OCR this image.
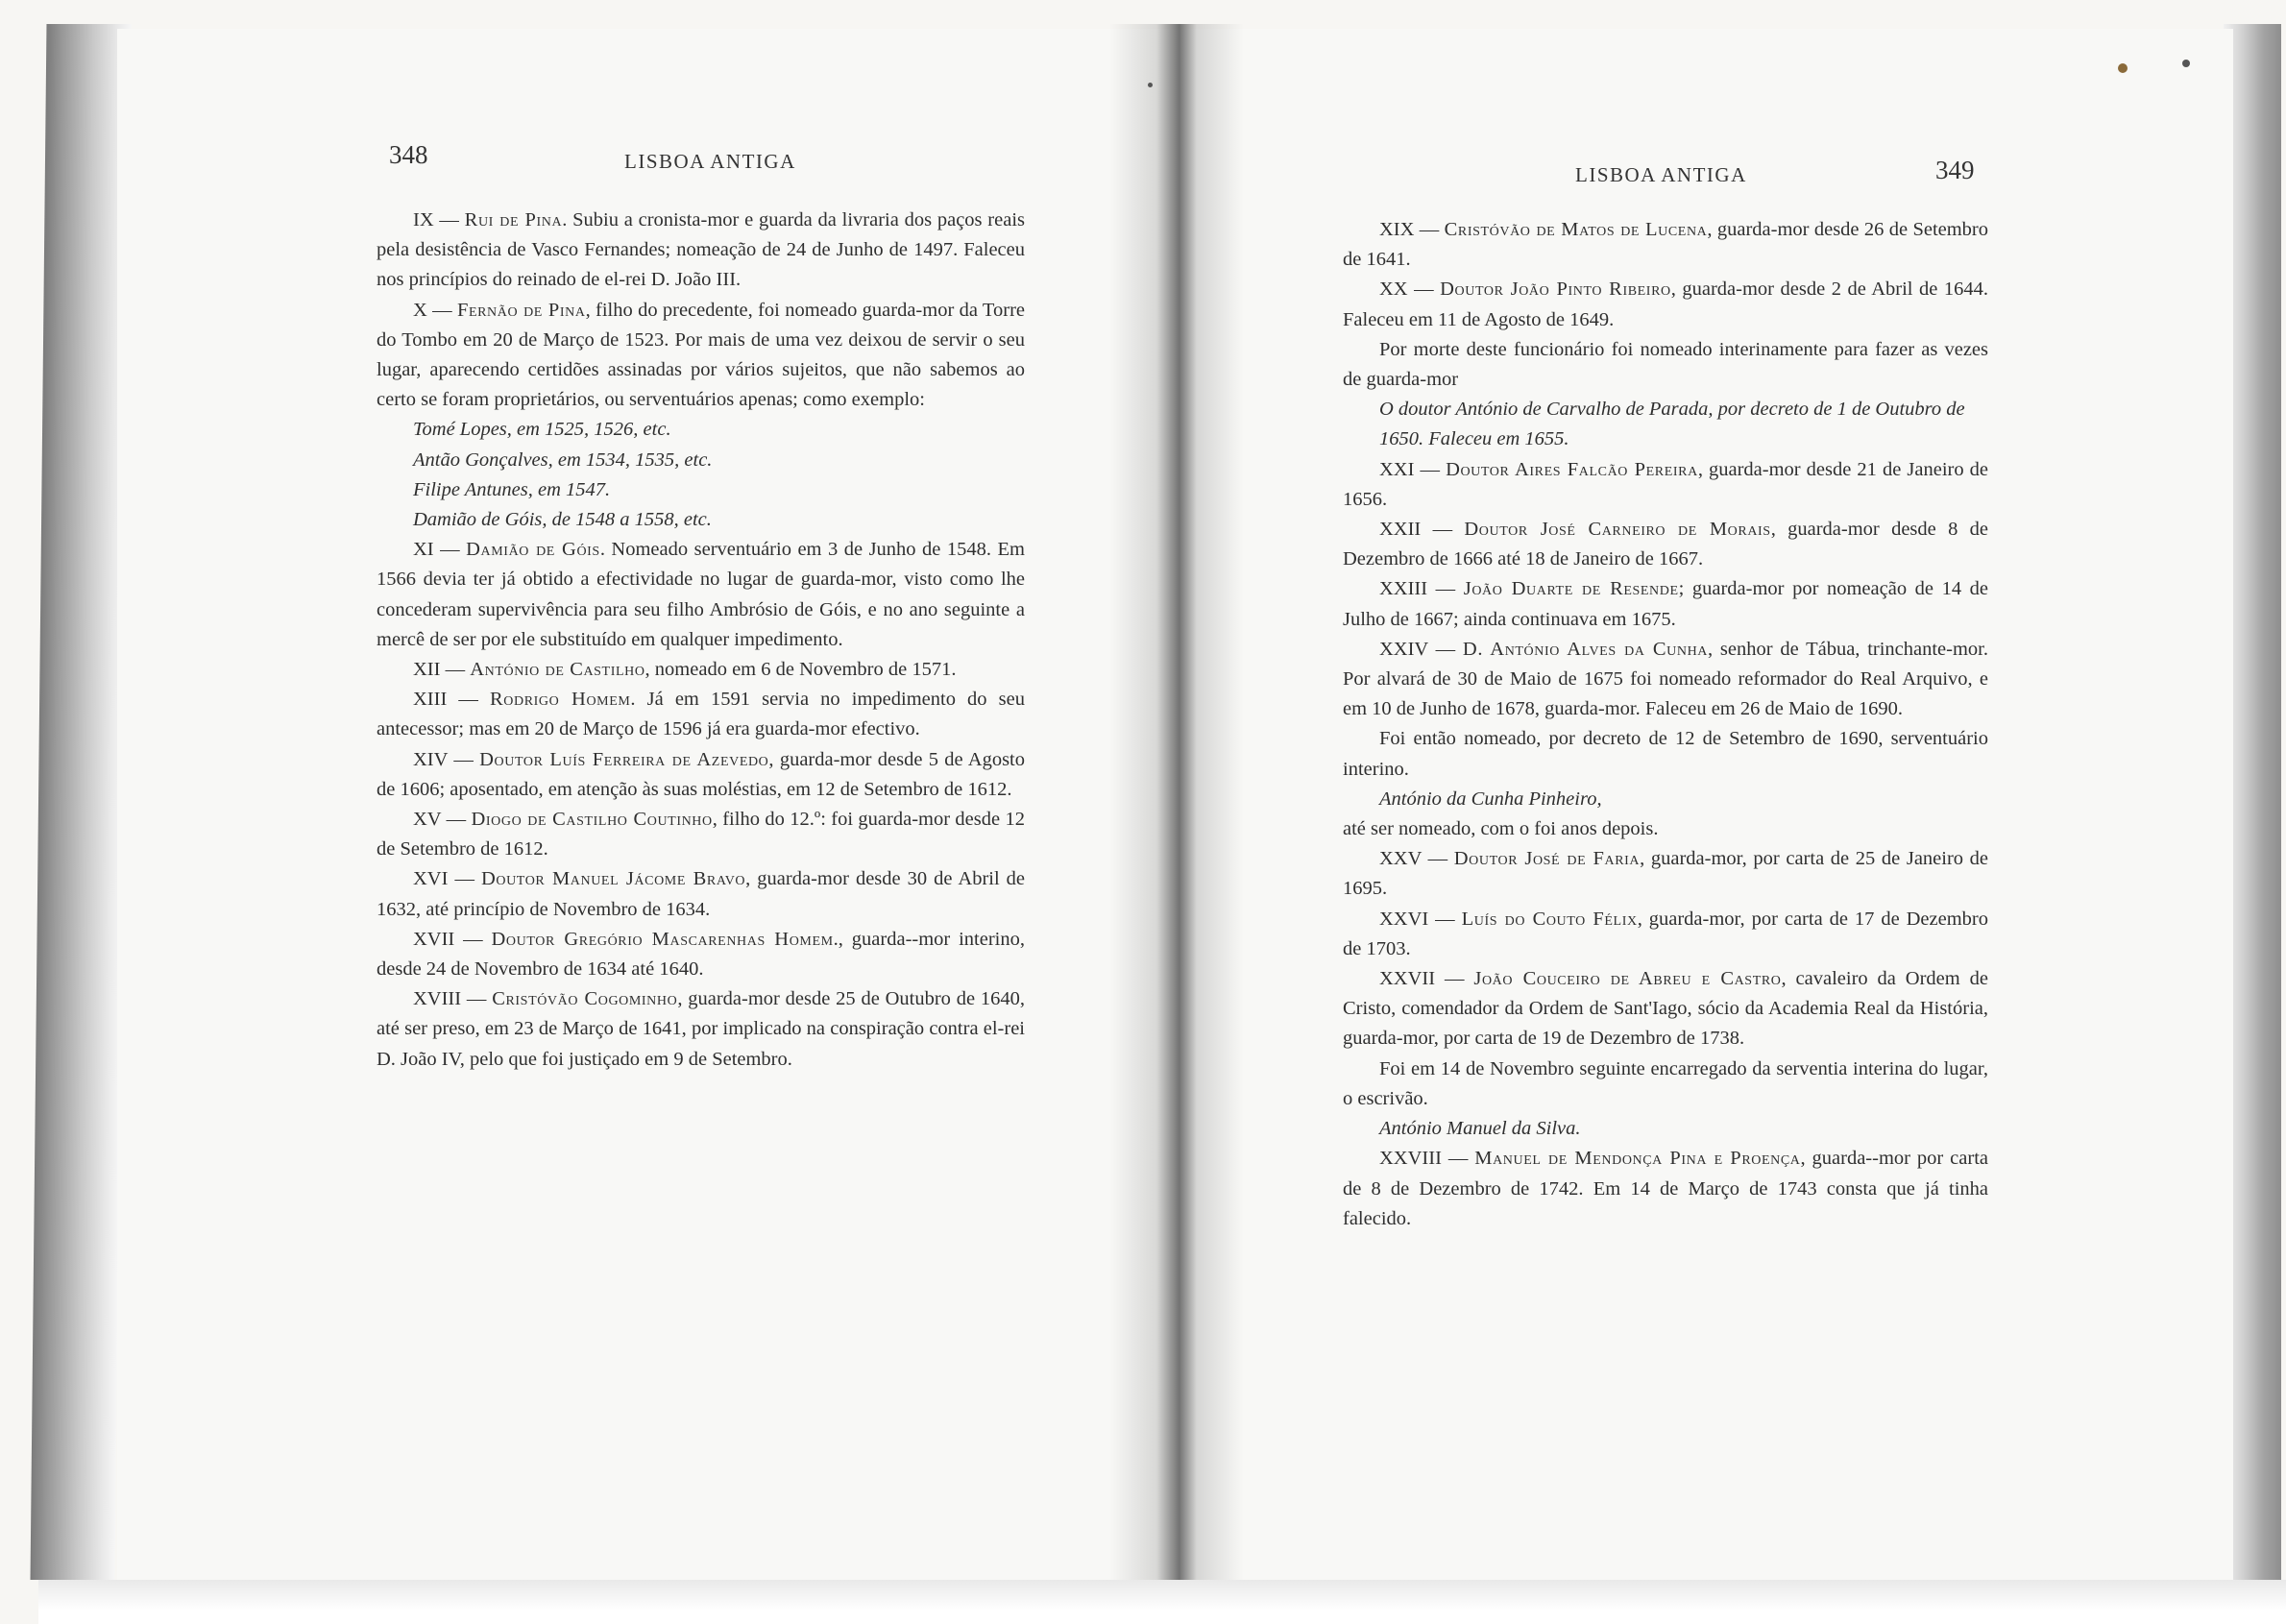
348	LISBOA ANTIGA	349
LISBOA ANTIGA

IX — Rui de Pina. Subiu a cronista-mor e guarda da livraria dos paços reais pela desistência de Vasco Fernandes; nomeação de 24 de Junho de 1497. Faleceu nos princípios do reinado de el-rei D. João III.

X — Fernão de Pina, filho do precedente, foi nomeado guarda-mor da Torre do Tombo em 20 de Março de 1523. Por mais de uma vez deixou de servir o seu lugar, aparecendo certidões assinadas por vários sujeitos, que não sabemos ao certo se foram proprietários, ou serventuários apenas; como exemplo:

Tomé Lopes, em 1525, 1526, etc.

Antão Gonçalves, em 1534, 1535, etc.

Filipe Antunes, em 1547.

Damião de Góis, de 1548 a 1558, etc.

XI — Damião de Góis. Nomeado serventuário em 3 de Junho de 1548. Em 1566 devia ter já obtido a efectividade no lugar de guarda-mor, visto como lhe concederam supervivência para seu filho Ambrósio de Góis, e no ano seguinte a mercê de ser por ele substituído em qualquer impedimento.

XII — António de Castilho, nomeado em 6 de Novembro de 1571.

XIII — Rodrigo Homem. Já em 1591 servia no impedimento do seu antecessor; mas em 20 de Março de 1596 já era guarda-mor efectivo.

XIV — Doutor Luís Ferreira de Azevedo, guarda-mor desde 5 de Agosto de 1606; aposentado, em atenção às suas moléstias, em 12 de Setembro de 1612.

XV — Diogo de Castilho Coutinho, filho do 12.º: foi guarda-mor desde 12 de Setembro de 1612.

XVI — Doutor Manuel Jácome Bravo, guarda-mor desde 30 de Abril de 1632, até princípio de Novembro de 1634.

XVII — Doutor Gregório Mascarenhas Homem., guarda--mor interino, desde 24 de Novembro de 1634 até 1640.

XVIII — Cristóvão Cogominho, guarda-mor desde 25 de Outubro de 1640, até ser preso, em 23 de Março de 1641, por implicado na conspiração contra el-rei D. João IV, pelo que foi justiçado em 9 de Setembro.

XIX — Cristóvão de Matos de Lucena, guarda-mor desde 26 de Setembro de 1641.

XX — Doutor João Pinto Ribeiro, guarda-mor desde 2 de Abril de 1644. Faleceu em 11 de Agosto de 1649.

Por morte deste funcionário foi nomeado interinamente para fazer as vezes de guarda-mor

O doutor António de Carvalho de Parada, por decreto de 1 de Outubro de 1650. Faleceu em 1655.

XXI — Doutor Aires Falcão Pereira, guarda-mor desde 21 de Janeiro de 1656.

XXII — Doutor José Carneiro de Morais, guarda-mor desde 8 de Dezembro de 1666 até 18 de Janeiro de 1667.

XXIII — João Duarte de Resende; guarda-mor por nomeação de 14 de Julho de 1667; ainda continuava em 1675.

XXIV — D. António Alves da Cunha, senhor de Tábua, trinchante-mor. Por alvará de 30 de Maio de 1675 foi nomeado reformador do Real Arquivo, e em 10 de Junho de 1678, guarda-mor. Faleceu em 26 de Maio de 1690.

Foi então nomeado, por decreto de 12 de Setembro de 1690, serventuário interino.

António da Cunha Pinheiro,

até ser nomeado, com o foi anos depois.

XXV — Doutor José de Faria, guarda-mor, por carta de 25 de Janeiro de 1695.

XXVI — Luís do Couto Félix, guarda-mor, por carta de 17 de Dezembro de 1703.

XXVII — João Couceiro de Abreu e Castro, cavaleiro da Ordem de Cristo, comendador da Ordem de Sant'Iago, sócio da Academia Real da História, guarda-mor, por carta de 19 de Dezembro de 1738.

Foi em 14 de Novembro seguinte encarregado da serventia interina do lugar, o escrivão.

António Manuel da Silva.

XXVIII — Manuel de Mendonça Pina e Proença, guarda--mor por carta de 8 de Dezembro de 1742. Em 14 de Março de 1743 consta que já tinha falecido.
